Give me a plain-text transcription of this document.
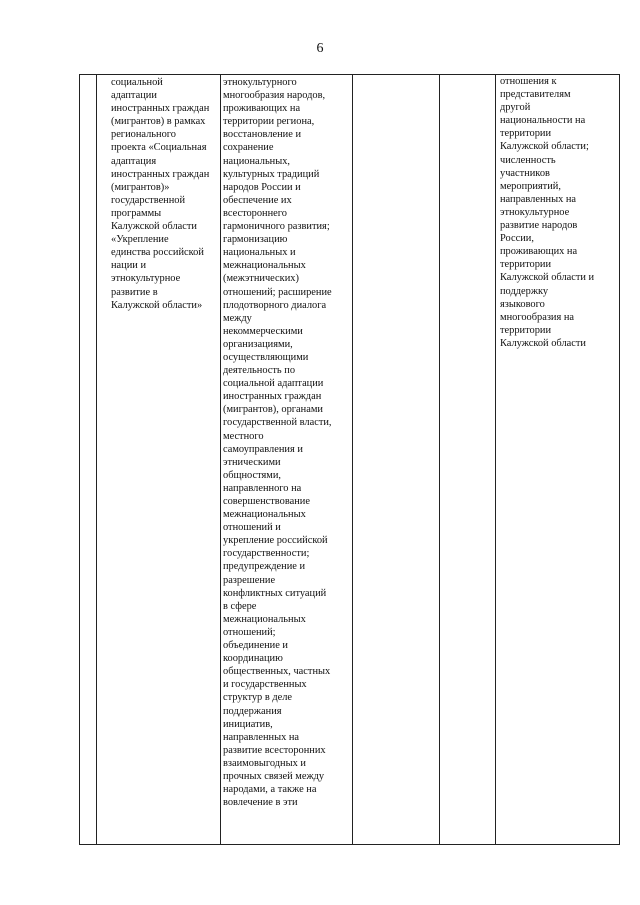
6

социальной
адаптации
иностранных граждан
(мигрантов) в рамках
регионального
проекта «Социальная
адаптация
иностранных граждан
(мигрантов)»
государственной
программы
Калужской области
«Укрепление
единства российской
нации и
этнокультурное
развитие в
Калужской области»

этнокультурного
многообразия народов,
проживающих на
территории региона,
восстановление и
сохранение
национальных,
культурных традиций
народов России и
обеспечение их
всестороннего
гармоничного развития;
гармонизацию
национальных и
межнациональных
(межэтнических)
отношений; расширение
плодотворного диалога
между
некоммерческими
организациями,
осуществляющими
деятельность по
социальной адаптации
иностранных граждан
(мигрантов), органами
государственной власти,
местного
самоуправления и
этническими
общностями,
направленного на
совершенствование
межнациональных
отношений и
укрепление российской
государственности;
предупреждение и
разрешение
конфликтных ситуаций
в сфере
межнациональных
отношений;
объединение и
координацию
общественных, частных
и государственных
структур в деле
поддержания
инициатив,
направленных на
развитие всесторонних
взаимовыгодных и
прочных связей между
народами, а также на
вовлечение в эти

отношения к
представителям
другой
национальности на
территории
Калужской области;
численность
участников
мероприятий,
направленных на
этнокультурное
развитие народов
России,
проживающих на
территории
Калужской области и
поддержку
языкового
многообразия на
территории
Калужской области
